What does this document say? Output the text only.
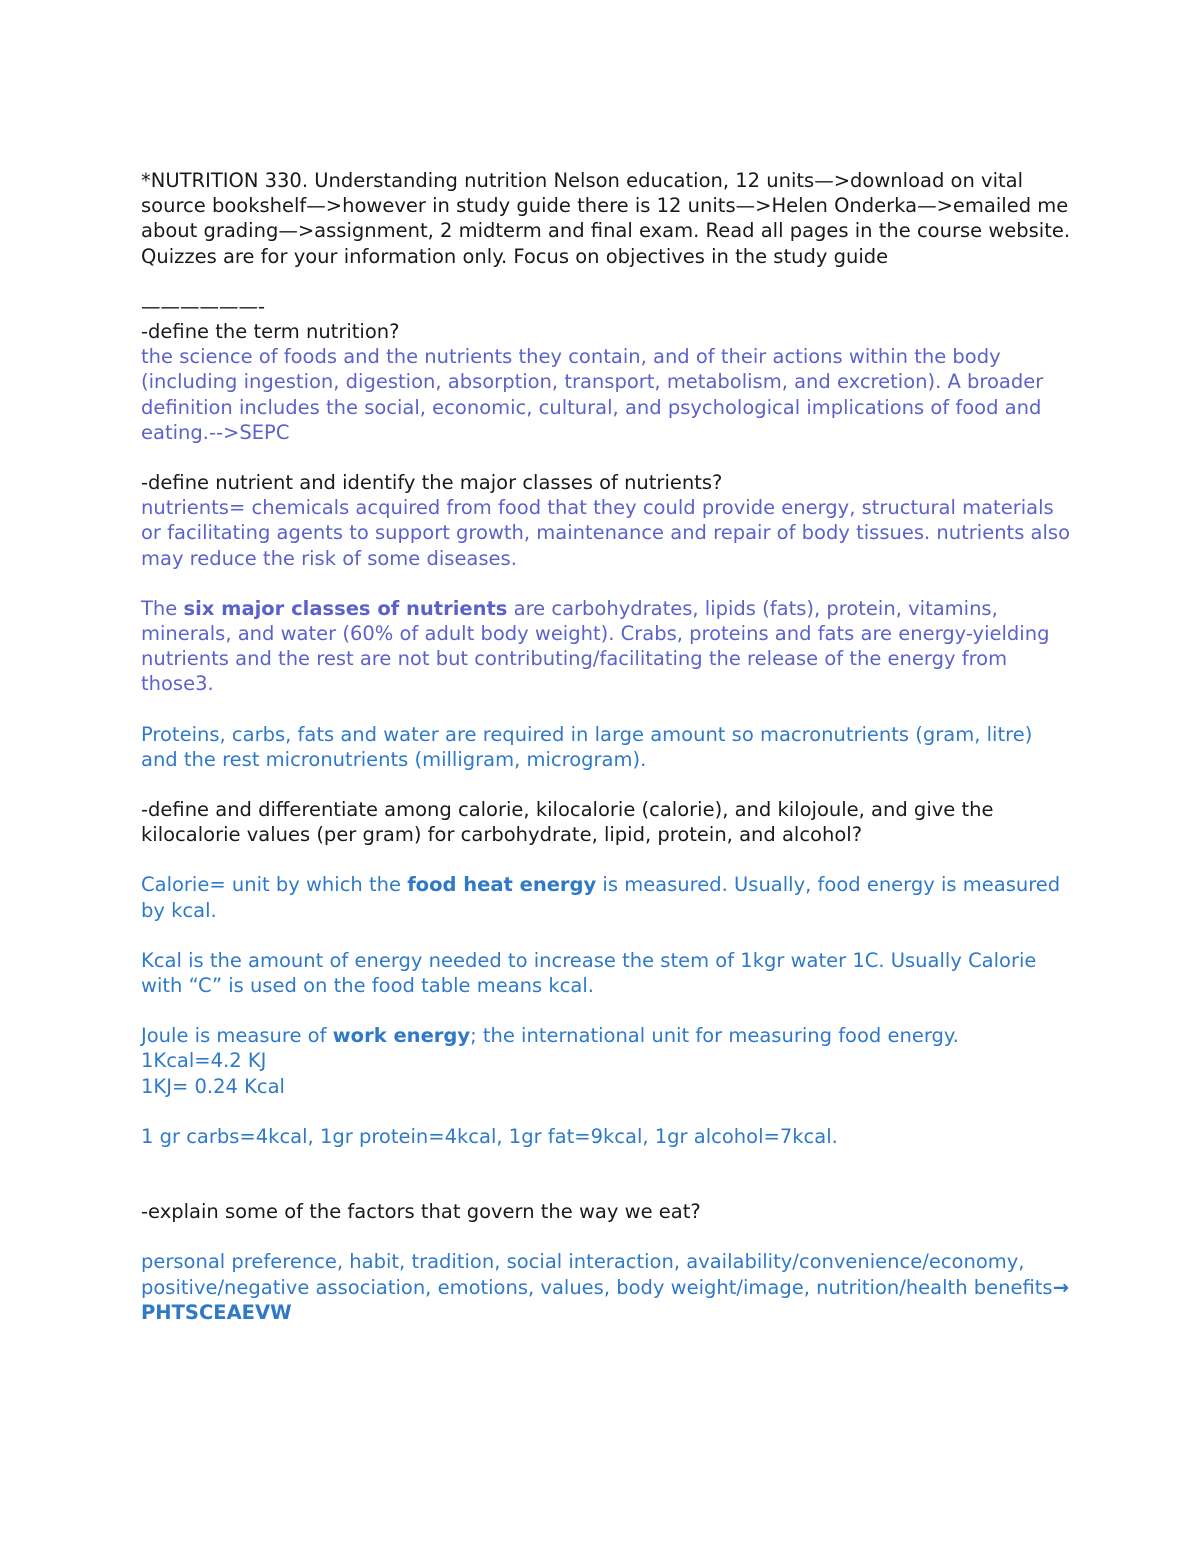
*NUTRITION 330. Understanding nutrition Nelson education, 12 units—>download on vital source bookshelf—>however in study guide there is 12 units—>Helen Onderka—>emailed me about grading—>assignment, 2 midterm and final exam. Read all pages in the course website. Quizzes are for your information only. Focus on objectives in the study guide

——————-

-define the term nutrition?

the science of foods and the nutrients they contain, and of their actions within the body (including ingestion, digestion, absorption, transport, metabolism, and excretion). A broader definition includes the social, economic, cultural, and psychological implications of food and eating.-->SEPC

-define nutrient and identify the major classes of nutrients?

nutrients= chemicals acquired from food that they could provide energy, structural materials or facilitating agents to support growth, maintenance and repair of body tissues. nutrients also may reduce the risk of some diseases.

The six major classes of nutrients are carbohydrates, lipids (fats), protein, vitamins, minerals, and water (60% of adult body weight). Crabs, proteins and fats are energy-yielding nutrients and the rest are not but contributing/facilitating the release of the energy from those3.

Proteins, carbs, fats and water are required in large amount so macronutrients (gram, litre) and the rest micronutrients (milligram, microgram).

-define and differentiate among calorie, kilocalorie (calorie), and kilojoule, and give the kilocalorie values (per gram) for carbohydrate, lipid, protein, and alcohol?

Calorie= unit by which the food heat energy is measured. Usually, food energy is measured by kcal.

Kcal is the amount of energy needed to increase the stem of 1kgr water 1C. Usually Calorie with “C” is used on the food table means kcal.

Joule is measure of work energy; the international unit for measuring food energy.

1Kcal=4.2 KJ

1KJ= 0.24 Kcal

1 gr carbs=4kcal, 1gr protein=4kcal, 1gr fat=9kcal, 1gr alcohol=7kcal.

-explain some of the factors that govern the way we eat?

personal preference, habit, tradition, social interaction, availability/convenience/economy, positive/negative association, emotions, values, body weight/image, nutrition/health benefits→ PHTSCEAEVW
